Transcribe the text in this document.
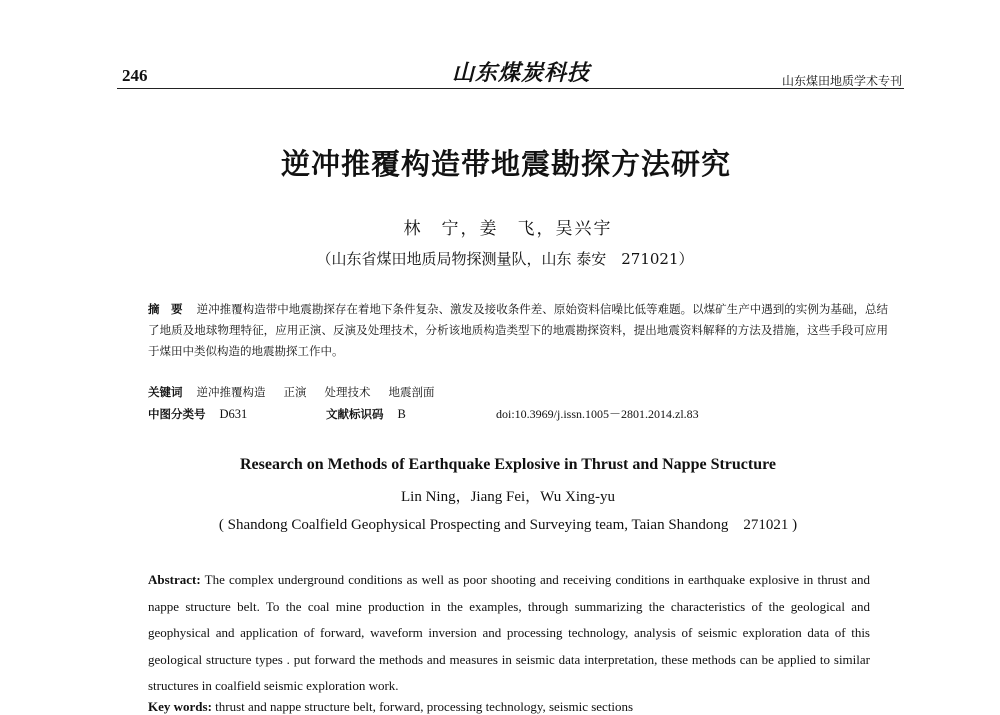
246	山东煤炭科技	山东煤田地质学术专刊
逆冲推覆构造带地震勘探方法研究
林　宁，姜　飞，吴兴宇
（山东省煤田地质局物探测量队，山东 泰安　271021）
摘　要 逆冲推覆构造带中地震勘探存在着地下条件复杂、激发及接收条件差、原始资料信噪比低等难题。以煤矿生产中遇到的实例为基础，总结了地质及地球物理特征，应用正演、反演及处理技术，分析该地质构造类型下的地震勘探资料，提出地震资料解释的方法及措施，这些手段可应用于煤田中类似构造的地震勘探工作中。
关键词 逆冲推覆构造 正演 处理技术 地震剖面
中图分类号 D631	文献标识码 B	doi:10.3969/j.issn.1005－2801.2014.zl.83
Research on Methods of Earthquake Explosive in Thrust and Nappe Structure
Lin Ning，Jiang Fei，Wu Xing-yu
( Shandong Coalfield Geophysical Prospecting and Surveying team, Taian Shandong　271021 )
Abstract: The complex underground conditions as well as poor shooting and receiving conditions in earthquake explosive in thrust and nappe structure belt. To the coal mine production in the examples, through summarizing the characteristics of the geological and geophysical and application of forward, waveform inversion and processing technology, analysis of seismic exploration data of this geological structure types . put forward the methods and measures in seismic data interpretation, these methods can be applied to similar structures in coalfield seismic exploration work.
Key words: thrust and nappe structure belt, forward, processing technology, seismic sections
